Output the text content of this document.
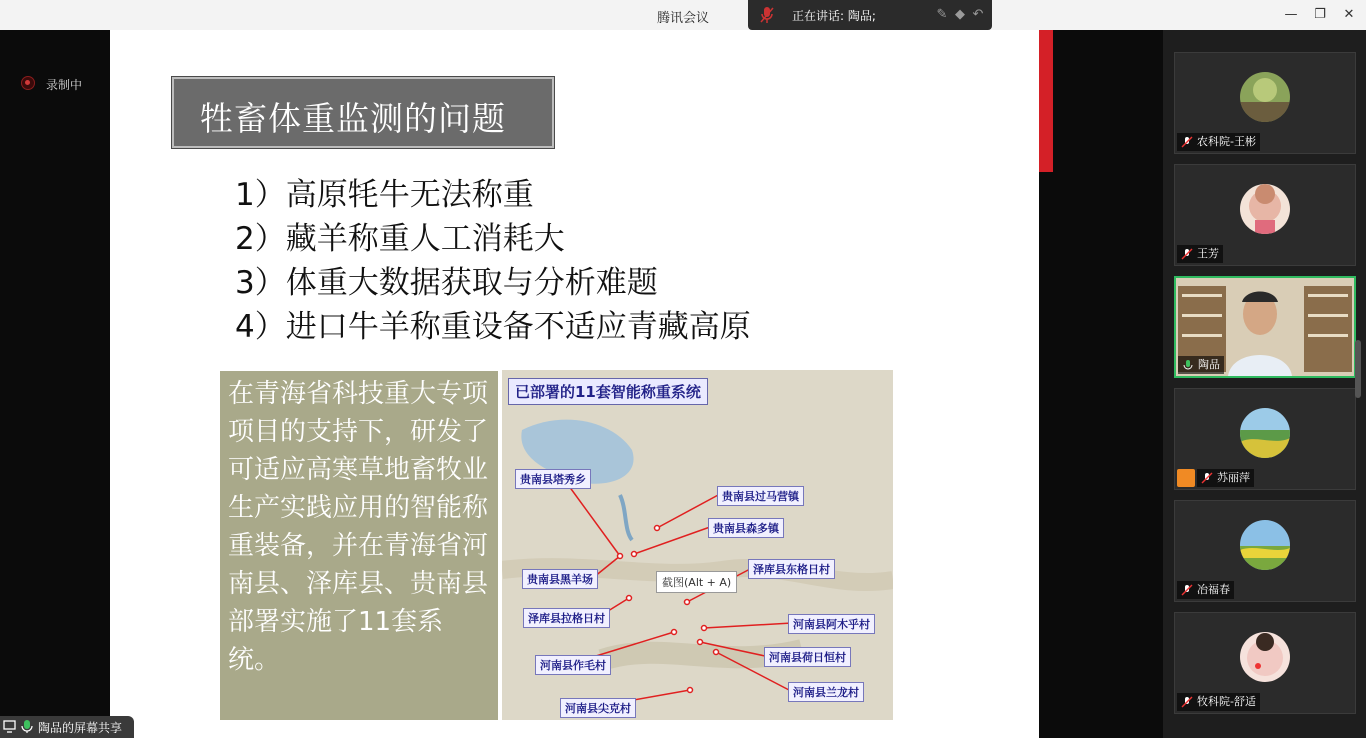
腾讯会议	正在讲话: 陶品;	✎ ◆ ↶	— ❐ ✕
录制中
牲畜体重监测的问题
1）高原牦牛无法称重
2）藏羊称重人工消耗大
3）体重大数据获取与分析难题
4）进口牛羊称重设备不适应青藏高原

在青海省科技重大专项项目的支持下，研发了可适应高寒草地畜牧业生产实践应用的智能称重装备，并在青海省河南县、泽库县、贵南县部署实施了11套系统。

已部署的11套智能称重系统
贵南县塔秀乡
贵南县过马营镇
贵南县森多镇
泽库县东格日村
贵南县黑羊场
泽库县拉格日村	河南县阿木乎村
河南县荷日恒村
河南县作毛村
河南县兰龙村
河南县尖克村
截图(Alt + A)
陶品的屏幕共享
农科院-王彬
王芳
陶品
苏丽萍
冶福春
牧科院-舒适
